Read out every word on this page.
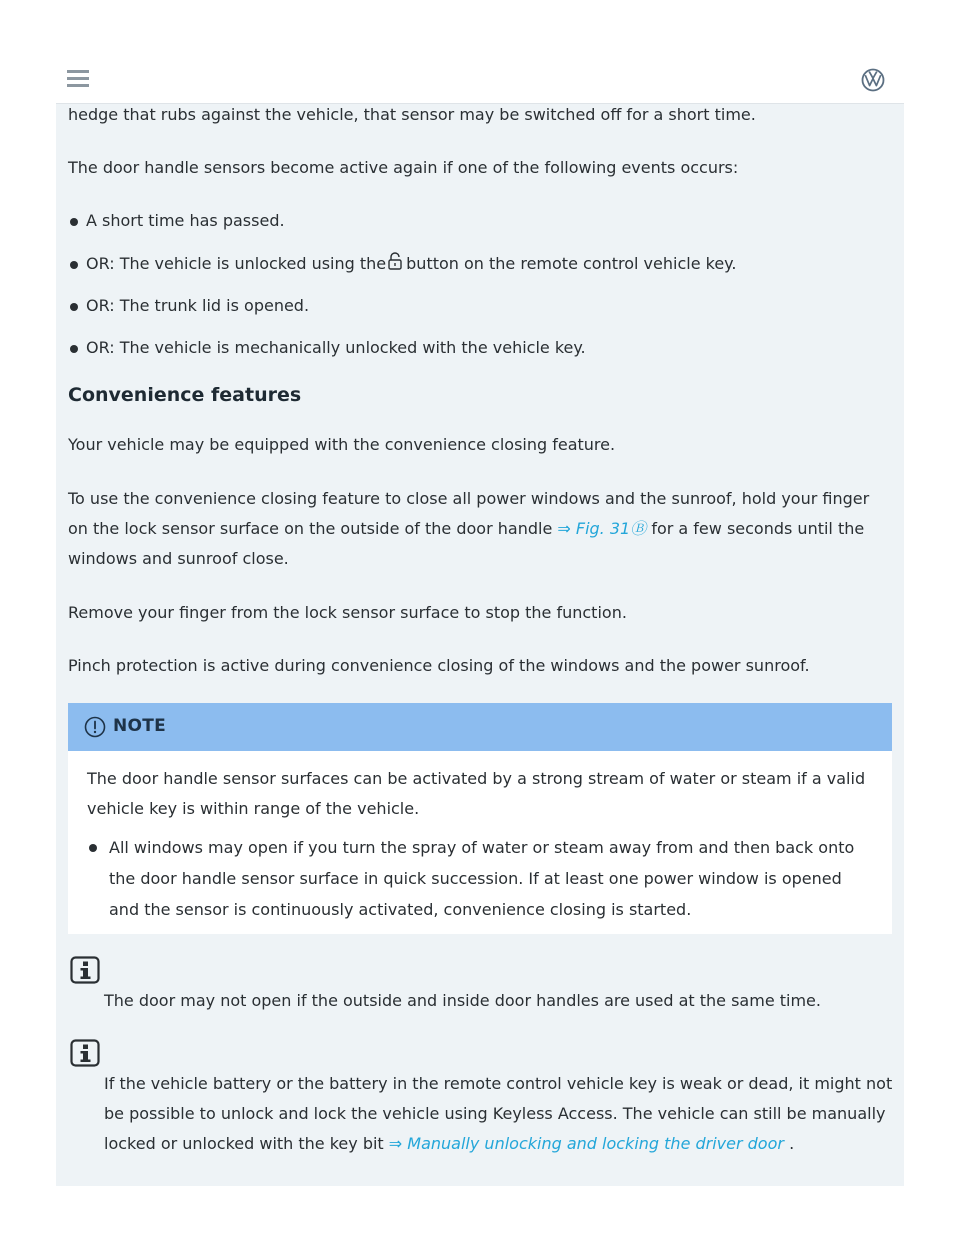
hedge that rubs against the vehicle, that sensor may be switched off for a short time.
The door handle sensors become active again if one of the following events occurs:
A short time has passed.
OR: The vehicle is unlocked using the button on the remote control vehicle key.
OR: The trunk lid is opened.
OR: The vehicle is mechanically unlocked with the vehicle key.
Convenience features
Your vehicle may be equipped with the convenience closing feature.
To use the convenience closing feature to close all power windows and the sunroof, hold your finger
on the lock sensor surface on the outside of the door handle ⇒ Fig. 31Ⓑ for a few seconds until the
windows and sunroof close.
Remove your finger from the lock sensor surface to stop the function.
Pinch protection is active during convenience closing of the windows and the power sunroof.
NOTE
The door handle sensor surfaces can be activated by a strong stream of water or steam if a valid
vehicle key is within range of the vehicle.
All windows may open if you turn the spray of water or steam away from and then back onto
the door handle sensor surface in quick succession. If at least one power window is opened
and the sensor is continuously activated, convenience closing is started.
The door may not open if the outside and inside door handles are used at the same time.
If the vehicle battery or the battery in the remote control vehicle key is weak or dead, it might not
be possible to unlock and lock the vehicle using Keyless Access. The vehicle can still be manually
locked or unlocked with the key bit ⇒ Manually unlocking and locking the driver door .
